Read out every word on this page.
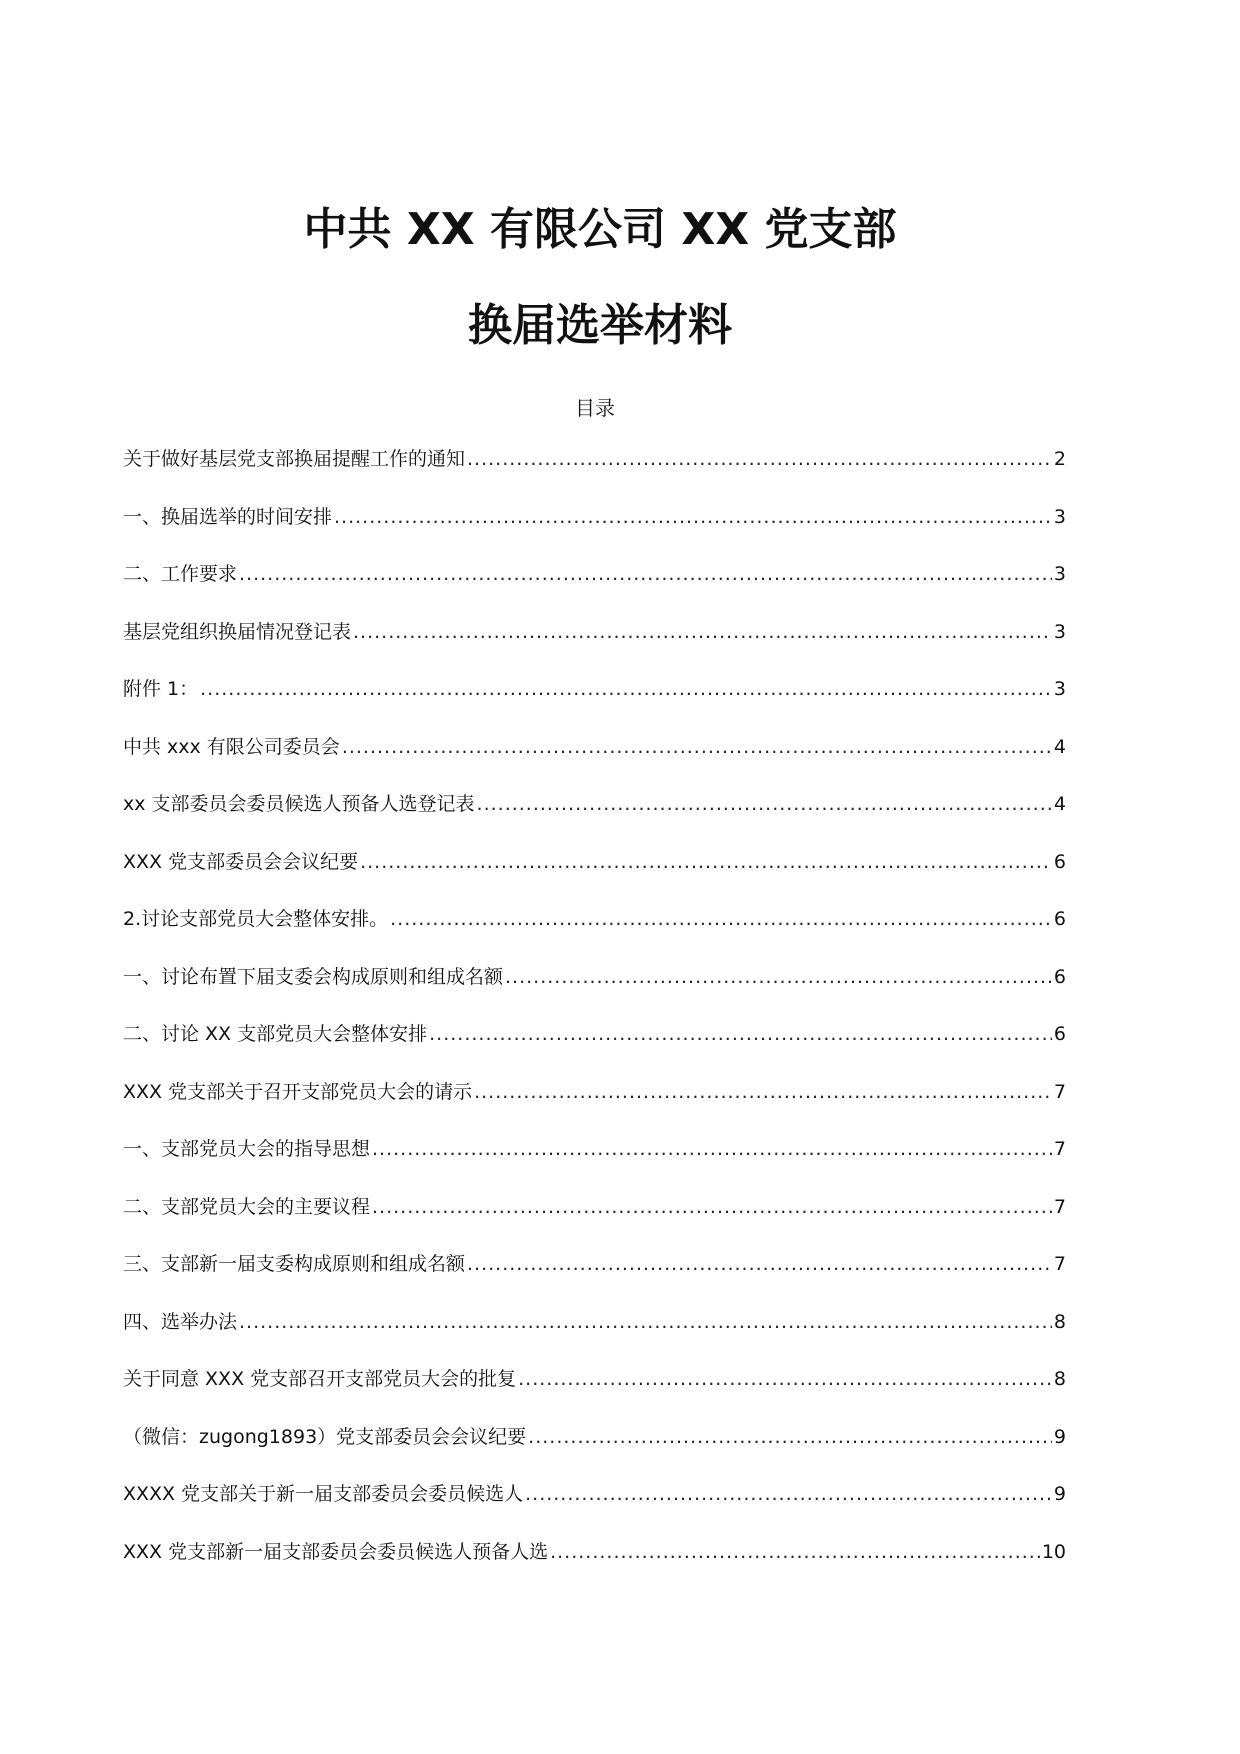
中共 XX 有限公司 XX 党支部
换届选举材料
目录
关于做好基层党支部换届提醒工作的通知 .....	2
一、换届选举的时间安排 .....	3
二、工作要求 .....	3
基层党组织换届情况登记表 .....	3
附件 1： .....	3
中共 xxx 有限公司委员会 .....	4
xx 支部委员会委员候选人预备人选登记表 .....	4
XXX 党支部委员会会议纪要 .....	6
2.讨论支部党员大会整体安排。 .....	6
一、讨论布置下届支委会构成原则和组成名额 .....	6
二、讨论 XX 支部党员大会整体安排 .....	6
XXX 党支部关于召开支部党员大会的请示 .....	7
一、支部党员大会的指导思想 .....	7
二、支部党员大会的主要议程 .....	7
三、支部新一届支委构成原则和组成名额 .....	7
四、选举办法 .....	8
关于同意 XXX 党支部召开支部党员大会的批复 .....	8
（微信：zugong1893）党支部委员会会议纪要 .....	9
XXXX 党支部关于新一届支部委员会委员候选人 .....	9
XXX 党支部新一届支部委员会委员候选人预备人选 .....	10
